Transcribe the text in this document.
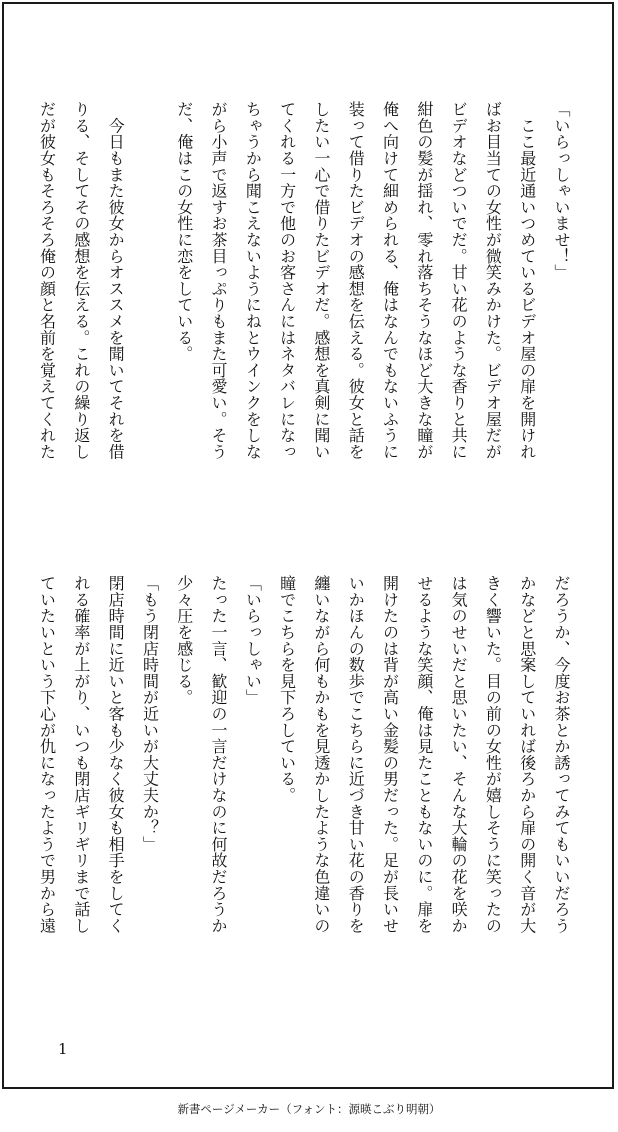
「いらっしゃいませ！」
　ここ最近通いつめているビデオ屋の扉を開けれ
ばお目当ての女性が微笑みかけた。ビデオ屋だが
ビデオなどついでだ。甘い花のような香りと共に
紺色の髪が揺れ、零れ落ちそうなほど大きな瞳が
俺へ向けて細められる、俺はなんでもないふうに
装って借りたビデオの感想を伝える。彼女と話を
したい一心で借りたビデオだ。感想を真剣に聞い
てくれる一方で他のお客さんにはネタバレになっ
ちゃうから聞こえないようにねとウインクをしな
がら小声で返すお茶目っぷりもまた可愛い。そう
だ、俺はこの女性に恋をしている。

　今日もまた彼女からオススメを聞いてそれを借
りる、そしてその感想を伝える。これの繰り返し
だが彼女もそろそろ俺の顔と名前を覚えてくれた
だろうか、今度お茶とか誘ってみてもいいだろう
かなどと思案していれば後ろから扉の開く音が大
きく響いた。目の前の女性が嬉しそうに笑ったの
は気のせいだと思いたい、そんな大輪の花を咲か
せるような笑顔、俺は見たこともないのに。扉を
開けたのは背が高い金髪の男だった。足が長いせ
いかほんの数歩でこちらに近づき甘い花の香りを
纏いながら何もかもを見透かしたような色違いの
瞳でこちらを見下ろしている。
「いらっしゃい」
たった一言、歓迎の一言だけなのに何故だろうか
少々圧を感じる。
「もう閉店時間が近いが大丈夫か？」
閉店時間に近いと客も少なく彼女も相手をしてく
れる確率が上がり、いつも閉店ギリギリまで話し
ていたいという下心が仇になったようで男から遠
1
新書ページメーカー（フォント：源暎こぶり明朝）
